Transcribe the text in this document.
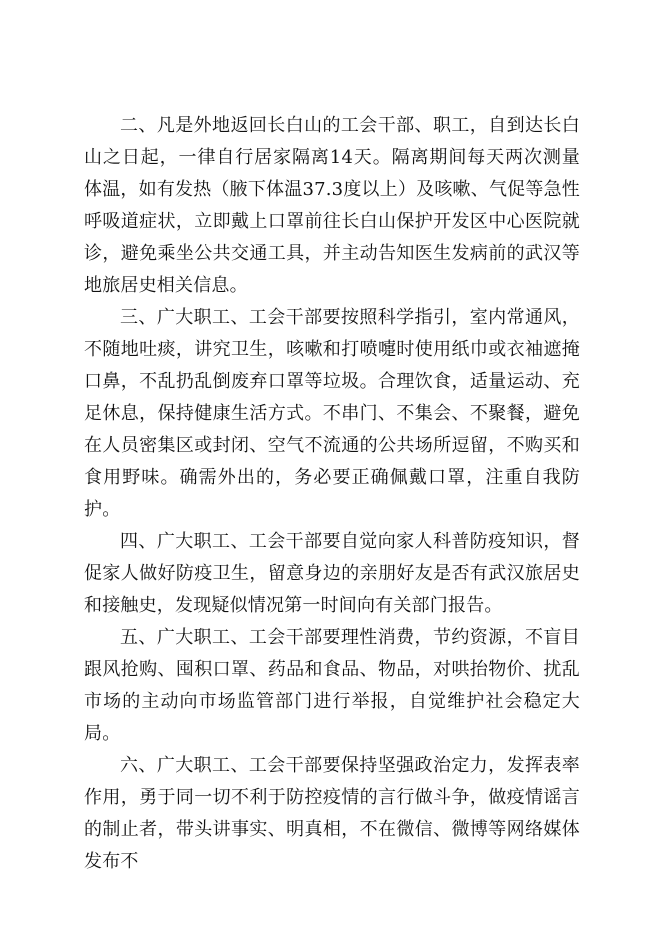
二、凡是外地返回长白山的工会干部、职工，自到达长白山之日起，一律自行居家隔离14天。隔离期间每天两次测量体温，如有发热（腋下体温37.3度以上）及咳嗽、气促等急性呼吸道症状，立即戴上口罩前往长白山保护开发区中心医院就诊，避免乘坐公共交通工具，并主动告知医生发病前的武汉等地旅居史相关信息。

三、广大职工、工会干部要按照科学指引，室内常通风，不随地吐痰，讲究卫生，咳嗽和打喷嚏时使用纸巾或衣袖遮掩口鼻，不乱扔乱倒废弃口罩等垃圾。合理饮食，适量运动、充足休息，保持健康生活方式。不串门、不集会、不聚餐，避免在人员密集区或封闭、空气不流通的公共场所逗留，不购买和食用野味。确需外出的，务必要正确佩戴口罩，注重自我防护。

四、广大职工、工会干部要自觉向家人科普防疫知识，督促家人做好防疫卫生，留意身边的亲朋好友是否有武汉旅居史和接触史，发现疑似情况第一时间向有关部门报告。

五、广大职工、工会干部要理性消费，节约资源，不盲目跟风抢购、囤积口罩、药品和食品、物品，对哄抬物价、扰乱市场的主动向市场监管部门进行举报，自觉维护社会稳定大局。

六、广大职工、工会干部要保持坚强政治定力，发挥表率作用，勇于同一切不利于防控疫情的言行做斗争，做疫情谣言的制止者，带头讲事实、明真相，不在微信、微博等网络媒体发布不
